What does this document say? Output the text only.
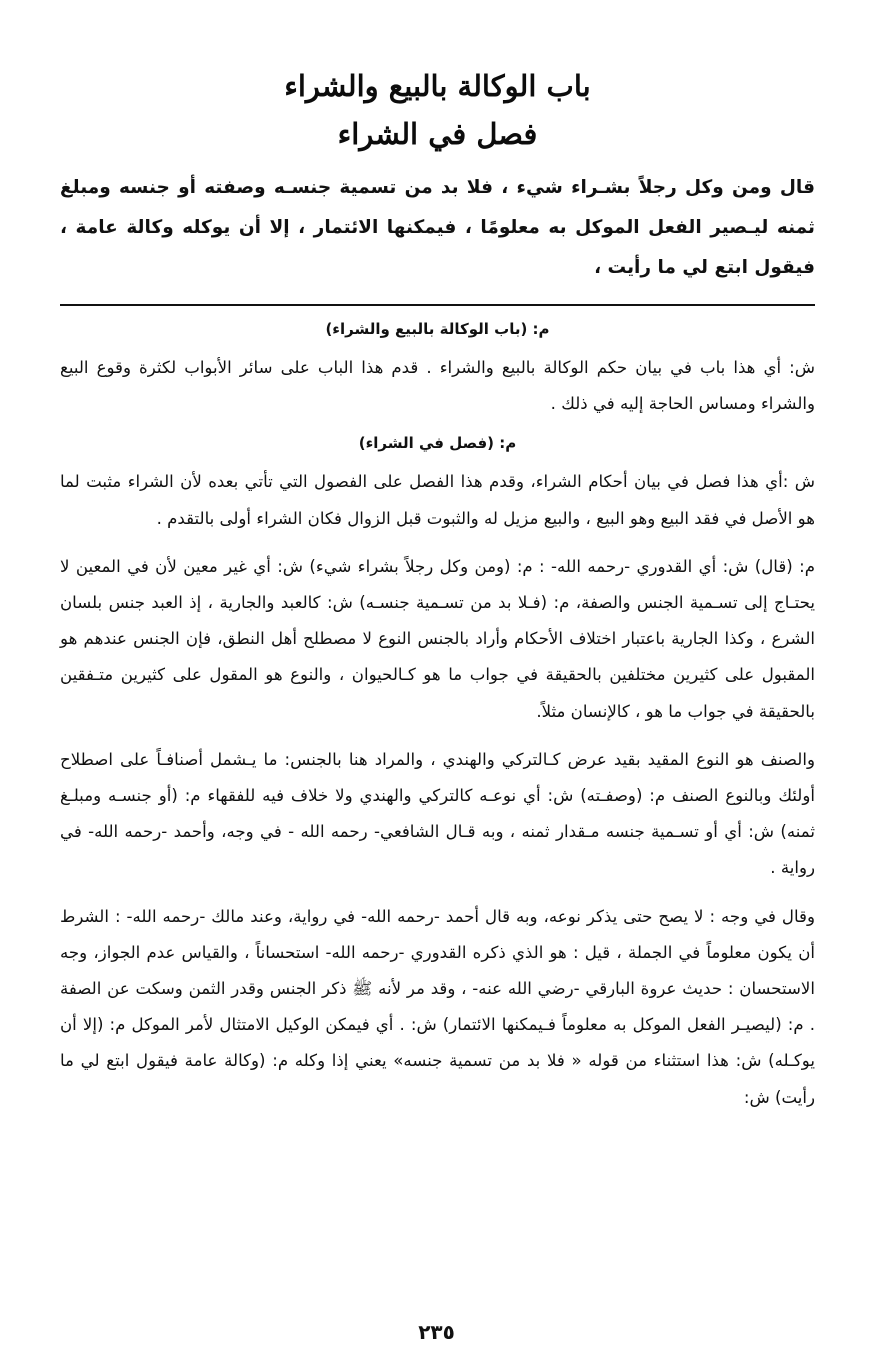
باب الوكالة بالبيع والشراء
فصل في الشراء

قال ومن وكل رجلاً بشـراء شيء ، فلا بد من تسمية جنسـه وصفته أو جنسه ومبلغ ثمنه ليـصير الفعل الموكل به معلومًا ، فيمكنها الائتمار ، إلا أن يوكله وكالة عامة ، فيقول ابتع لي ما رأيت ،

م: (باب الوكالة بالبيع والشراء)

ش: أي هذا باب في بيان حكم الوكالة بالبيع والشراء . قدم هذا الباب على سائر الأبواب لكثرة وقوع البيع والشراء ومساس الحاجة إليه في ذلك .

م: (فصل في الشراء)

ش :أي هذا فصل في بيان أحكام الشراء، وقدم هذا الفصل على الفصول التي تأتي بعده لأن الشراء مثبت لما هو الأصل في فقد البيع وهو البيع ، والبيع مزيل له والثبوت قبل الزوال فكان الشراء أولى بالتقدم .

م: (قال) ش: أي القدوري -رحمه الله- : م: (ومن وكل رجلاً بشراء شيء) ش: أي غير معين لأن في المعين لا يحتـاج إلى تسـمية الجنس والصفة، م: (فـلا بد من تسـمية جنسـه) ش: كالعبد والجارية ، إذ العبد جنس بلسان الشرع ، وكذا الجارية باعتبار اختلاف الأحكام وأراد بالجنس النوع لا مصطلح أهل النطق، فإن الجنس عندهم هو المقبول على كثيرين مختلفين بالحقيقة في جواب ما هو كـالحيوان ، والنوع هو المقول على كثيرين متـفقين بالحقيقة في جواب ما هو ، كالإنسان مثلاً.

والصنف هو النوع المقيد بقيد عرض كـالتركي والهندي ، والمراد هنا بالجنس: ما يـشمل أصنافـاً على اصطلاح أولئك وبالنوع الصنف م: (وصفـته) ش: أي نوعـه كالتركي والهندي ولا خلاف فيه للفقهاء م: (أو جنسـه ومبلـغ ثمنه) ش: أي أو تسـمية جنسه مـقدار ثمنه ، وبه قـال الشافعي- رحمه الله - في وجه، وأحمد -رحمه الله- في رواية .

وقال في وجه : لا يصح حتى يذكر نوعه، وبه قال أحمد -رحمه الله- في رواية، وعند مالك -رحمه الله- : الشرط أن يكون معلوماً في الجملة ، قيل : هو الذي ذكره القدوري -رحمه الله- استحساناً ، والقياس عدم الجواز، وجه الاستحسان : حديث عروة البارقي -رضي الله عنه- ، وقد مر لأنه ﷺ ذكر الجنس وقدر الثمن وسكت عن الصفة . م: (ليصيـر الفعل الموكل به معلوماً فـيمكنها الائتمار) ش: . أي فيمكن الوكيل الامتثال لأمر الموكل م: (إلا أن يوكـله) ش: هذا استثناء من قوله « فلا بد من تسمية جنسه» يعني إذا وكله م: (وكالة عامة فيقول ابتع لي ما رأيت) ش:

٢٣٥
